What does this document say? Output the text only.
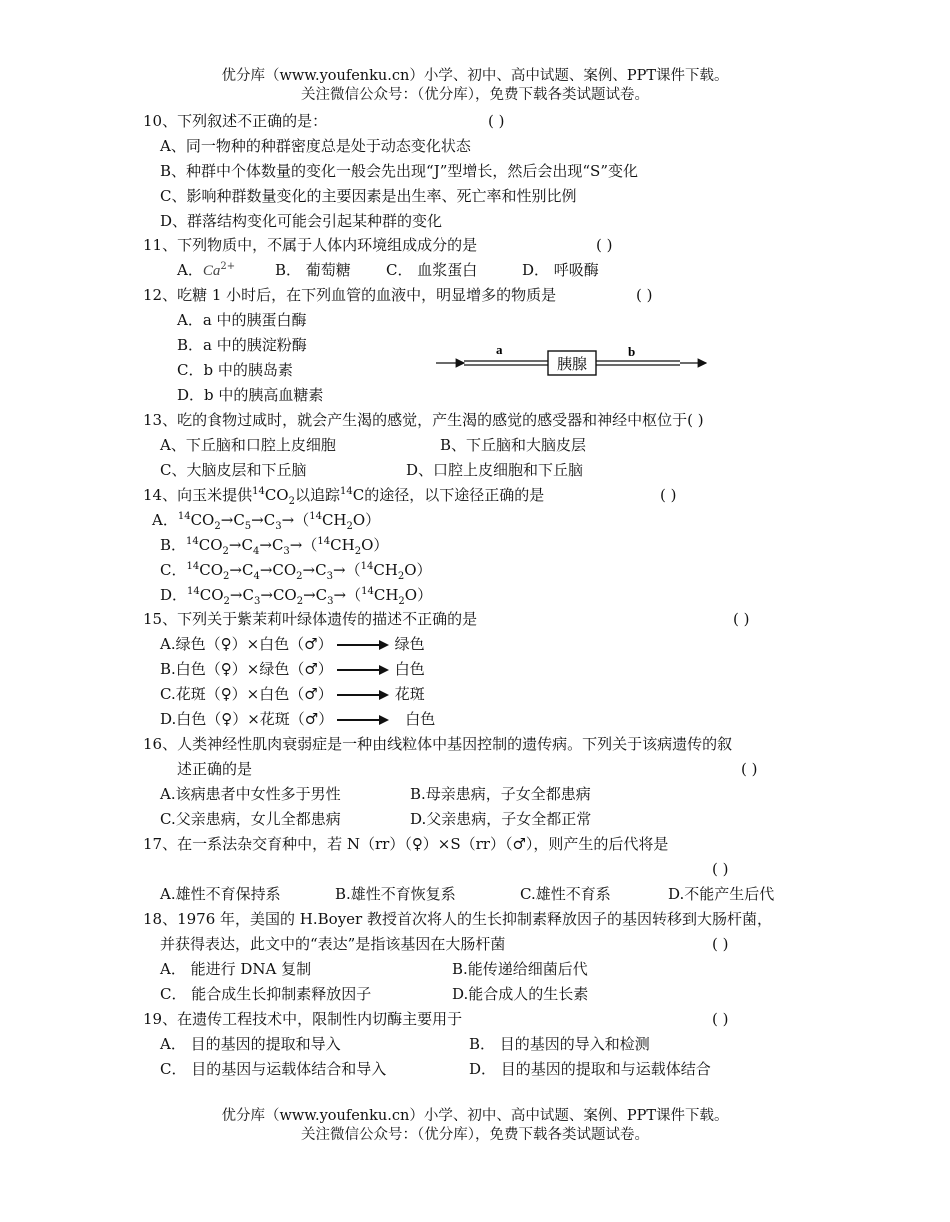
优分库（www.youfenku.cn）小学、初中、高中试题、案例、PPT课件下载。
关注微信公众号：（优分库），免费下载各类试题试卷。
10、下列叙述不正确的是：	( )
A、同一物种的种群密度总是处于动态变化状态
B、种群中个体数量的变化一般会先出现“J”型增长，然后会出现“S”变化
C、影响种群数量变化的主要因素是出生率、死亡率和性别比例
D、群落结构变化可能会引起某种群的变化
11、下列物质中，不属于人体内环境组成成分的是	( )
A．$Ca^{2+}$	B． 葡萄糖 C． 血浆蛋白	D． 呼吸酶
12、吃糖 1 小时后，在下列血管的血液中，明显增多的物质是	( )
A．a 中的胰蛋白酶
B．a 中的胰淀粉酶
C．b 中的胰岛素
D．b 中的胰高血糖素
a
胰腺
b
13、吃的食物过咸时，就会产生渴的感觉，产生渴的感觉的感受器和神经中枢位于( )
A、下丘脑和口腔上皮细胞	B、下丘脑和大脑皮层
C、大脑皮层和下丘脑	D、口腔上皮细胞和下丘脑
14、向玉米提供$^{14}CO_2$以追踪$^{14}$C的途径，以下途径正确的是	( )
A．$^{14}CO_2\to C_5\to C_3\to(^{14}CH_2O)$
B．$^{14}CO_2\to C_4\to C_3\to(^{14}CH_2O)$
C．$^{14}CO_2\to C_4\to CO_2\to C_3\to(^{14}CH_2O)$
D．$^{14}CO_2\to C_3\to CO_2\to C_3\to(^{14}CH_2O)$
15、下列关于紫茉莉叶绿体遗传的描述不正确的是	( )
A.绿色（♀）×白色（♂）	绿色
B.白色（♀）×绿色（♂）	白色
C.花斑（♀）×白色（♂）	花斑
D.白色（♀）×花斑（♂）	白色
16、人类神经性肌肉衰弱症是一种由线粒体中基因控制的遗传病。下列关于该病遗传的叙
述正确的是	( )
A.该病患者中女性多于男性	B.母亲患病，子女全都患病
C.父亲患病，女儿全都患病	D.父亲患病，子女全都正常
17、在一系法杂交育种中，若 N（rr）（♀）×S（rr）（♂），则产生的后代将是
( )
A.雄性不育保持系	B.雄性不育恢复系	C.雄性不育系	D.不能产生后代
18、1976 年，美国的 H.Boyer 教授首次将人的生长抑制素释放因子的基因转移到大肠杆菌，
并获得表达，此文中的“表达”是指该基因在大肠杆菌	( )
A． 能进行 DNA 复制	B.能传递给细菌后代
C． 能合成生长抑制素释放因子	D.能合成人的生长素
19、在遗传工程技术中，限制性内切酶主要用于	( )
A． 目的基因的提取和导入	B． 目的基因的导入和检测
C． 目的基因与运载体结合和导入	D． 目的基因的提取和与运载体结合
优分库（www.youfenku.cn）小学、初中、高中试题、案例、PPT课件下载。
关注微信公众号：（优分库），免费下载各类试题试卷。
